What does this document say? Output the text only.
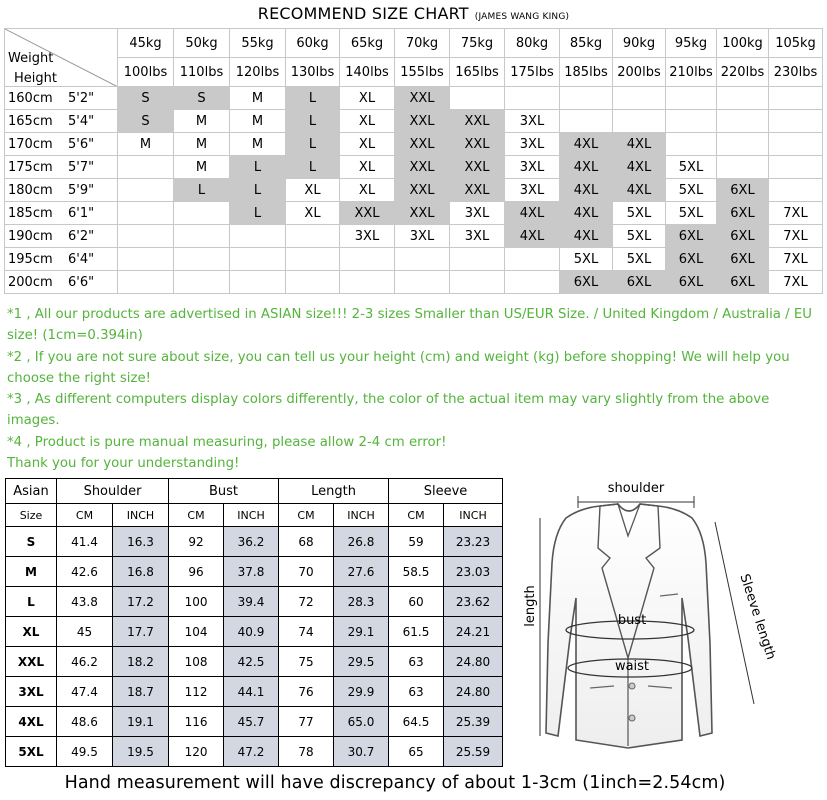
RECOMMEND SIZE CHART (JAMES WANG KING)
Weight
Height	45kg	50kg	55kg	60kg	65kg	70kg	75kg	80kg	85kg	90kg	95kg	100kg	105kg
	100lbs	110lbs	120lbs	130lbs	140lbs	155lbs	165lbs	175lbs	185lbs	200lbs	210lbs	220lbs	230lbs
160cm 5'2"	S	S	M	L	XL	XXL							
165cm 5'4"	S	M	M	L	XL	XXL	XXL	3XL					
170cm 5'6"	M	M	M	L	XL	XXL	XXL	3XL	4XL	4XL			
175cm 5'7"		M	L	L	XL	XXL	XXL	3XL	4XL	4XL	5XL		
180cm 5'9"		L	L	XL	XL	XXL	XXL	3XL	4XL	4XL	5XL	6XL	
185cm 6'1"			L	XL	XXL	XXL	3XL	4XL	4XL	5XL	5XL	6XL	7XL
190cm 6'2"					3XL	3XL	3XL	4XL	4XL	5XL	6XL	6XL	7XL
195cm 6'4"									5XL	5XL	6XL	6XL	7XL
200cm 6'6"									6XL	6XL	6XL	6XL	7XL

*1 , All our products are advertised in ASIAN size!!! 2-3 sizes Smaller than US/EUR Size. / United Kingdom / Australia / EU size! (1cm=0.394in)

*2 , If you are not sure about size, you can tell us your height (cm) and weight (kg) before shopping! We will help you choose the right size!

*3 , As different computers display colors differently, the color of the actual item may vary slightly from the above images.

*4 , Product is pure manual measuring, please allow 2-4 cm error!

Thank you for your understanding!

Asian	Shoulder		Bust		Length		Sleeve	
Size	CM	INCH	CM	INCH	CM	INCH	CM	INCH
S	41.4	16.3	92	36.2	68	26.8	59	23.23
M	42.6	16.8	96	37.8	70	27.6	58.5	23.03
L	43.8	17.2	100	39.4	72	28.3	60	23.62
XL	45	17.7	104	40.9	74	29.1	61.5	24.21
XXL	46.2	18.2	108	42.5	75	29.5	63	24.80
3XL	47.4	18.7	112	44.1	76	29.9	63	24.80
4XL	48.6	19.1	116	45.7	77	65.0	64.5	25.39
5XL	49.5	19.5	120	47.2	78	30.7	65	25.59
shoulder
length	bust
waist
Sleeve length
Hand measurement will have discrepancy of about 1-3cm (1inch=2.54cm)
